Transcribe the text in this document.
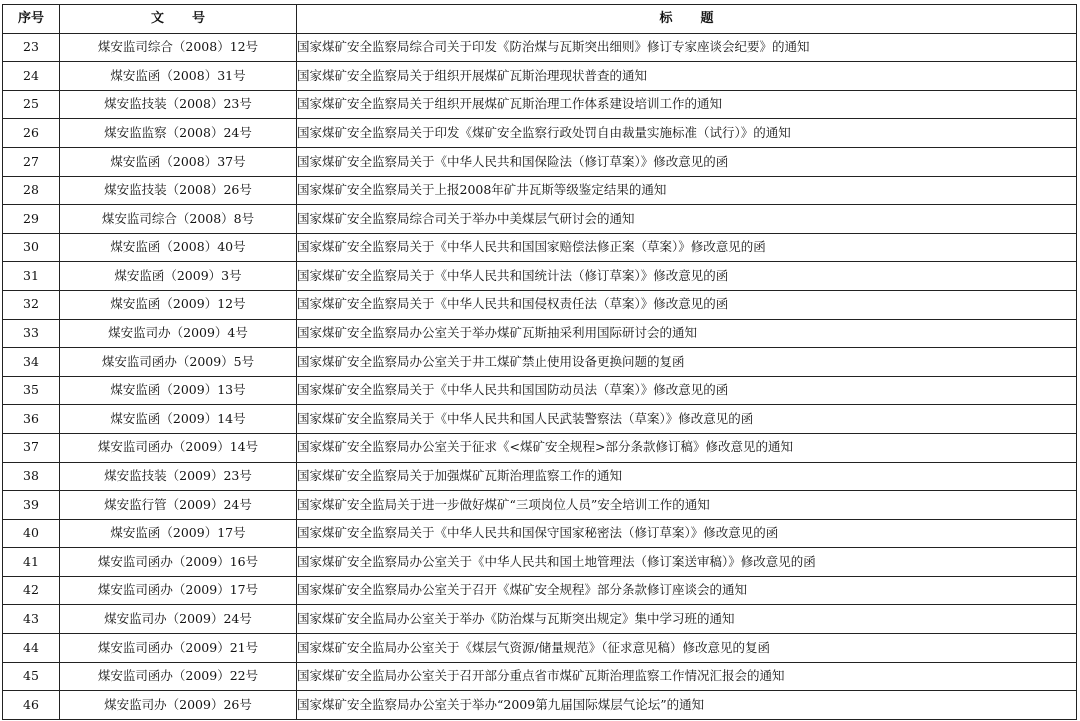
序号	文 号	标 题
23	煤安监司综合（2008）12号	国家煤矿安全监察局综合司关于印发《防治煤与瓦斯突出细则》修订专家座谈会纪要》的通知
24	煤安监函（2008）31号	国家煤矿安全监察局关于组织开展煤矿瓦斯治理现状普查的通知
25	煤安监技装（2008）23号	国家煤矿安全监察局关于组织开展煤矿瓦斯治理工作体系建设培训工作的通知
26	煤安监监察（2008）24号	国家煤矿安全监察局关于印发《煤矿安全监察行政处罚自由裁量实施标准（试行）》的通知
27	煤安监函（2008）37号	国家煤矿安全监察局关于《中华人民共和国保险法（修订草案）》修改意见的函
28	煤安监技装（2008）26号	国家煤矿安全监察局关于上报2008年矿井瓦斯等级鉴定结果的通知
29	煤安监司综合（2008）8号	国家煤矿安全监察局综合司关于举办中美煤层气研讨会的通知
30	煤安监函（2008）40号	国家煤矿安全监察局关于《中华人民共和国国家赔偿法修正案（草案）》修改意见的函
31	煤安监函（2009）3号	国家煤矿安全监察局关于《中华人民共和国统计法（修订草案）》修改意见的函
32	煤安监函（2009）12号	国家煤矿安全监察局关于《中华人民共和国侵权责任法（草案）》修改意见的函
33	煤安监司办（2009）4号	国家煤矿安全监察局办公室关于举办煤矿瓦斯抽采利用国际研讨会的通知
34	煤安监司函办（2009）5号	国家煤矿安全监察局办公室关于井工煤矿禁止使用设备更换问题的复函
35	煤安监函（2009）13号	国家煤矿安全监察局关于《中华人民共和国国防动员法（草案）》修改意见的函
36	煤安监函（2009）14号	国家煤矿安全监察局关于《中华人民共和国人民武装警察法（草案）》修改意见的函
37	煤安监司函办（2009）14号	国家煤矿安全监察局办公室关于征求《<煤矿安全规程>部分条款修订稿》修改意见的通知
38	煤安监技装（2009）23号	国家煤矿安全监察局关于加强煤矿瓦斯治理监察工作的通知
39	煤安监行管（2009）24号	国家煤矿安全监局关于进一步做好煤矿“三项岗位人员”安全培训工作的通知
40	煤安监函（2009）17号	国家煤矿安全监察局关于《中华人民共和国保守国家秘密法（修订草案）》修改意见的函
41	煤安监司函办（2009）16号	国家煤矿安全监察局办公室关于《中华人民共和国土地管理法（修订案送审稿）》修改意见的函
42	煤安监司函办（2009）17号	国家煤矿安全监察局办公室关于召开《煤矿安全规程》部分条款修订座谈会的通知
43	煤安监司办（2009）24号	国家煤矿安全监局办公室关于举办《防治煤与瓦斯突出规定》集中学习班的通知
44	煤安监司函办（2009）21号	国家煤矿安全监局办公室关于《煤层气资源/储量规范》（征求意见稿）修改意见的复函
45	煤安监司函办（2009）22号	国家煤矿安全监局办公室关于召开部分重点省市煤矿瓦斯治理监察工作情况汇报会的通知
46	煤安监司办（2009）26号	国家煤矿安全监察局办公室关于举办“2009第九届国际煤层气论坛”的通知
